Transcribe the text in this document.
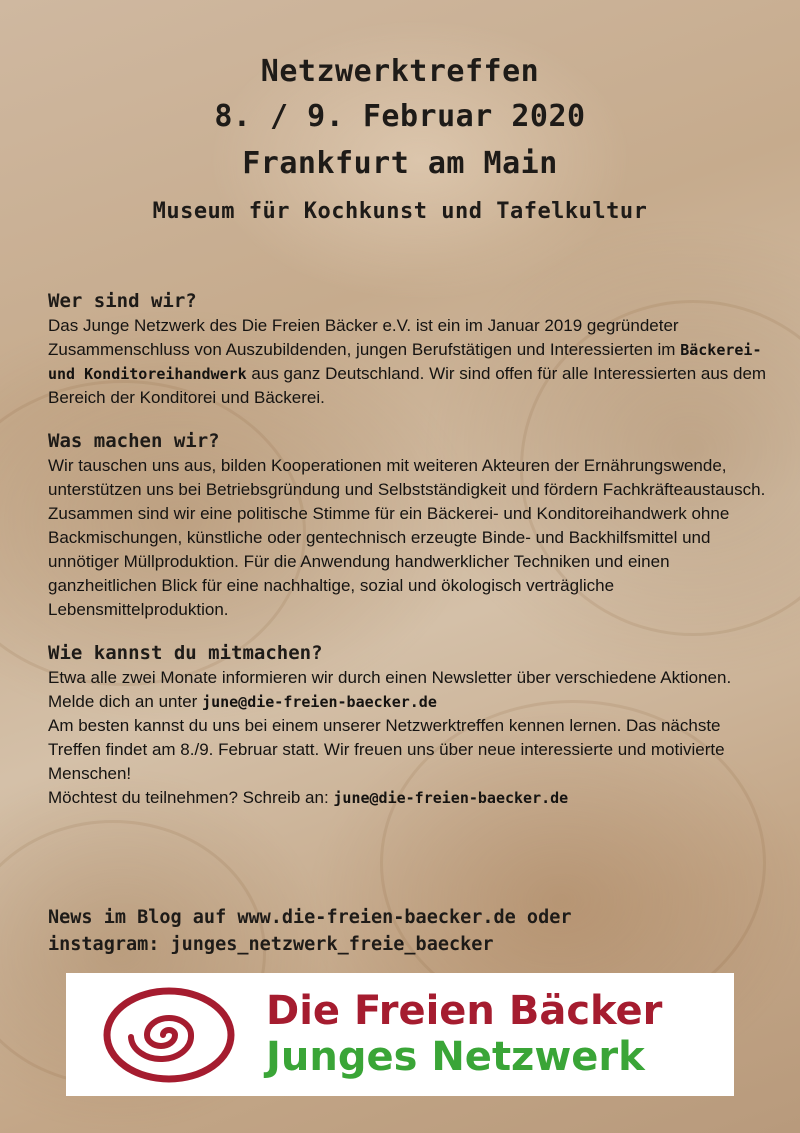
Netzwerktreffen
8. / 9. Februar 2020
Frankfurt am Main
Museum für Kochkunst und Tafelkultur
Wer sind wir?
Das Junge Netzwerk des Die Freien Bäcker e.V. ist ein im Januar 2019 gegründeter Zusammenschluss von Auszubildenden, jungen Berufstätigen und Interessierten im Bäckerei- und Konditoreihandwerk aus ganz Deutschland. Wir sind offen für alle Interessierten aus dem Bereich der Konditorei und Bäckerei.
Was machen wir?
Wir tauschen uns aus, bilden Kooperationen mit weiteren Akteuren der Ernährungswende, unterstützen uns bei Betriebsgründung und Selbstständigkeit und fördern Fachkräfteaustausch.
Zusammen sind wir eine politische Stimme für ein Bäckerei- und Konditoreihandwerk ohne Backmischungen, künstliche oder gentechnisch erzeugte Binde- und Backhilfsmittel und unnötiger Müllproduktion. Für die Anwendung handwerklicher Techniken und einen ganzheitlichen Blick für eine nachhaltige, sozial und ökologisch verträgliche Lebensmittelproduktion.
Wie kannst du mitmachen?
Etwa alle zwei Monate informieren wir durch einen Newsletter über verschiedene Aktionen. Melde dich an unter june@die-freien-baecker.de
Am besten kannst du uns bei einem unserer Netzwerktreffen kennen lernen. Das nächste Treffen findet am 8./9. Februar statt. Wir freuen uns über neue interessierte und motivierte Menschen!
Möchtest du teilnehmen? Schreib an: june@die-freien-baecker.de
News im Blog auf www.die-freien-baecker.de oder
instagram: junges_netzwerk_freie_baecker
Die Freien Bäcker
Junges Netzwerk
